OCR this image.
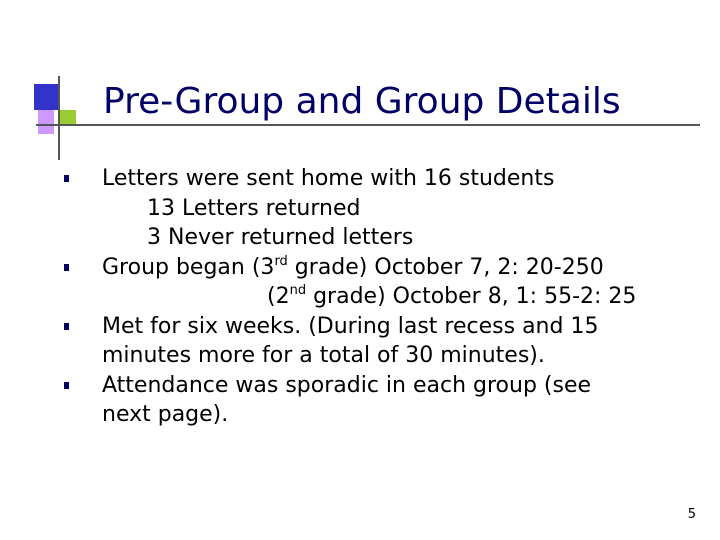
Pre-Group and Group Details
Letters were sent home with 16 students
13 Letters returned
3 Never returned letters
Group began (3rd grade) October 7, 2: 20-250
(2nd grade) October 8, 1: 55-2: 25
Met for six weeks. (During last recess and 15
minutes more for a total of 30 minutes).
Attendance was sporadic in each group (see
next page).
5
